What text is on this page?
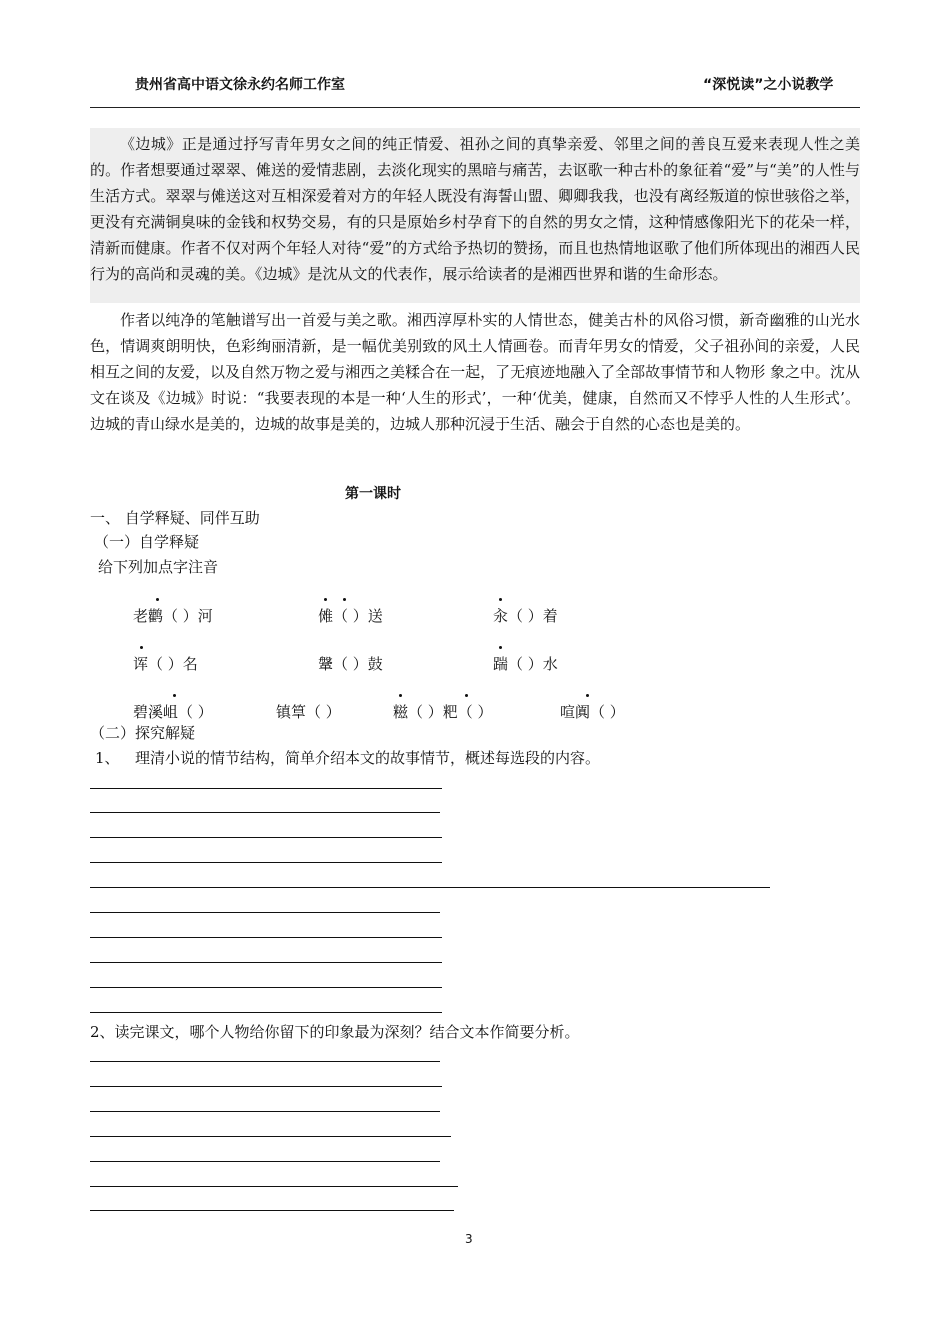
贵州省高中语文徐永约名师工作室	“深悦读”之小说教学

《边城》正是通过抒写青年男女之间的纯正情爱、祖孙之间的真挚亲爱、邻里之间的善良互爱来表现人性之美的。作者想要通过翠翠、傩送的爱情悲剧，去淡化现实的黑暗与痛苦，去讴歌一种古朴的象征着“爱”与“美”的人性与生活方式。翠翠与傩送这对互相深爱着对方的年轻人既没有海誓山盟、卿卿我我，也没有离经叛道的惊世骇俗之举，更没有充满铜臭味的金钱和权势交易，有的只是原始乡村孕育下的自然的男女之情，这种情感像阳光下的花朵一样，清新而健康。作者不仅对两个年轻人对待“爱”的方式给予热切的赞扬，而且也热情地讴歌了他们所体现出的湘西人民行为的高尚和灵魂的美。《边城》是沈从文的代表作，展示给读者的是湘西世界和谐的生命形态。

作者以纯净的笔触谱写出一首爱与美之歌。湘西淳厚朴实的人情世态，健美古朴的风俗习惯，新奇幽雅的山光水色，情调爽朗明快，色彩绚丽清新，是一幅优美别致的风土人情画卷。而青年男女的情爱，父子祖孙间的亲爱，人民相互之间的友爱，以及自然万物之爱与湘西之美糅合在一起，了无痕迹地融入了全部故事情节和人物形 象之中。沈从文在谈及《边城》时说：“我要表现的本是一种‘人生的形式’，一种‘优美，健康，自然而又不悖乎人性的人生形式’。边城的青山绿水是美的，边城的故事是美的，边城人那种沉浸于生活、融会于自然的心态也是美的。

第一课时
一、 自学释疑、同伴互助
（一）自学释疑
给下列加点字注音
老鹳（ ）河	傩（ ）送	汆（ ）着
诨（ ）名	鞶（ ）鼓	踹（ ）水
碧溪岨（ ）	镇筸（ ）	糍（ ）粑（ ）	喧阗（ ）
（二）探究解疑
1、 理清小说的情节结构，简单介绍本文的故事情节，概述每选段的内容。
2、读完课文，哪个人物给你留下的印象最为深刻？结合文本作简要分析。
3
